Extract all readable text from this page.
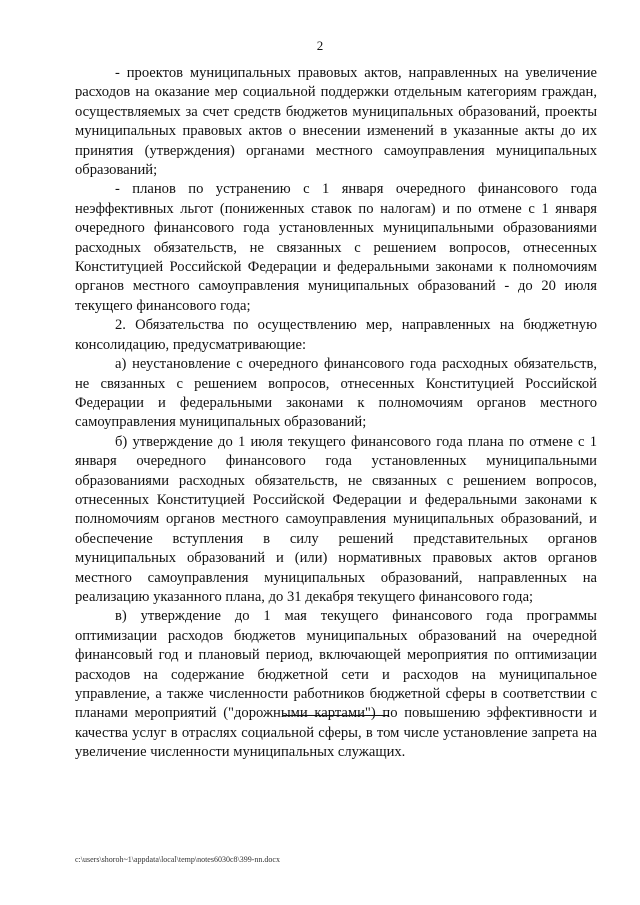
2

- проектов муниципальных правовых актов, направленных на увеличение расходов на оказание мер социальной поддержки отдельным категориям граждан, осуществляемых за счет средств бюджетов муниципальных образований, проекты муниципальных правовых актов о внесении изменений в указанные акты до их принятия (утверждения) органами местного самоуправления муниципальных образований;

- планов по устранению с 1 января очередного финансового года неэффективных льгот (пониженных ставок по налогам) и по отмене с 1 января очередного финансового года установленных муниципальными образованиями расходных обязательств, не связанных с решением вопросов, отнесенных Конституцией Российской Федерации и федеральными законами к полномочиям органов местного самоуправления муниципальных образований - до 20 июля текущего финансового года;

2. Обязательства по осуществлению мер, направленных на бюджетную консолидацию, предусматривающие:

а) неустановление с очередного финансового года расходных обязательств, не связанных с решением вопросов, отнесенных Конституцией Российской Федерации и федеральными законами к полномочиям органов местного самоуправления муниципальных образований;

б) утверждение до 1 июля текущего финансового года плана по отмене с 1 января очередного финансового года установленных муниципальными образованиями расходных обязательств, не связанных с решением вопросов, отнесенных Конституцией Российской Федерации и федеральными законами к полномочиям органов местного самоуправления муниципальных образований, и обеспечение вступления в силу решений представительных органов муниципальных образований и (или) нормативных правовых актов органов местного самоуправления муниципальных образований, направленных на реализацию указанного плана, до 31 декабря текущего финансового года;

в) утверждение до 1 мая текущего финансового года программы оптимизации расходов бюджетов муниципальных образований на очередной финансовый год и плановый период, включающей мероприятия по оптимизации расходов на содержание бюджетной сети и расходов на муниципальное управление, а также численности работников бюджетной сферы в соответствии с планами мероприятий ("дорожными картами") по повышению эффективности и качества услуг в отраслях социальной сферы, в том числе установление запрета на увеличение численности муниципальных служащих.

c:\users\shoroh~1\appdata\local\temp\notes6030c8\399-nn.docx
